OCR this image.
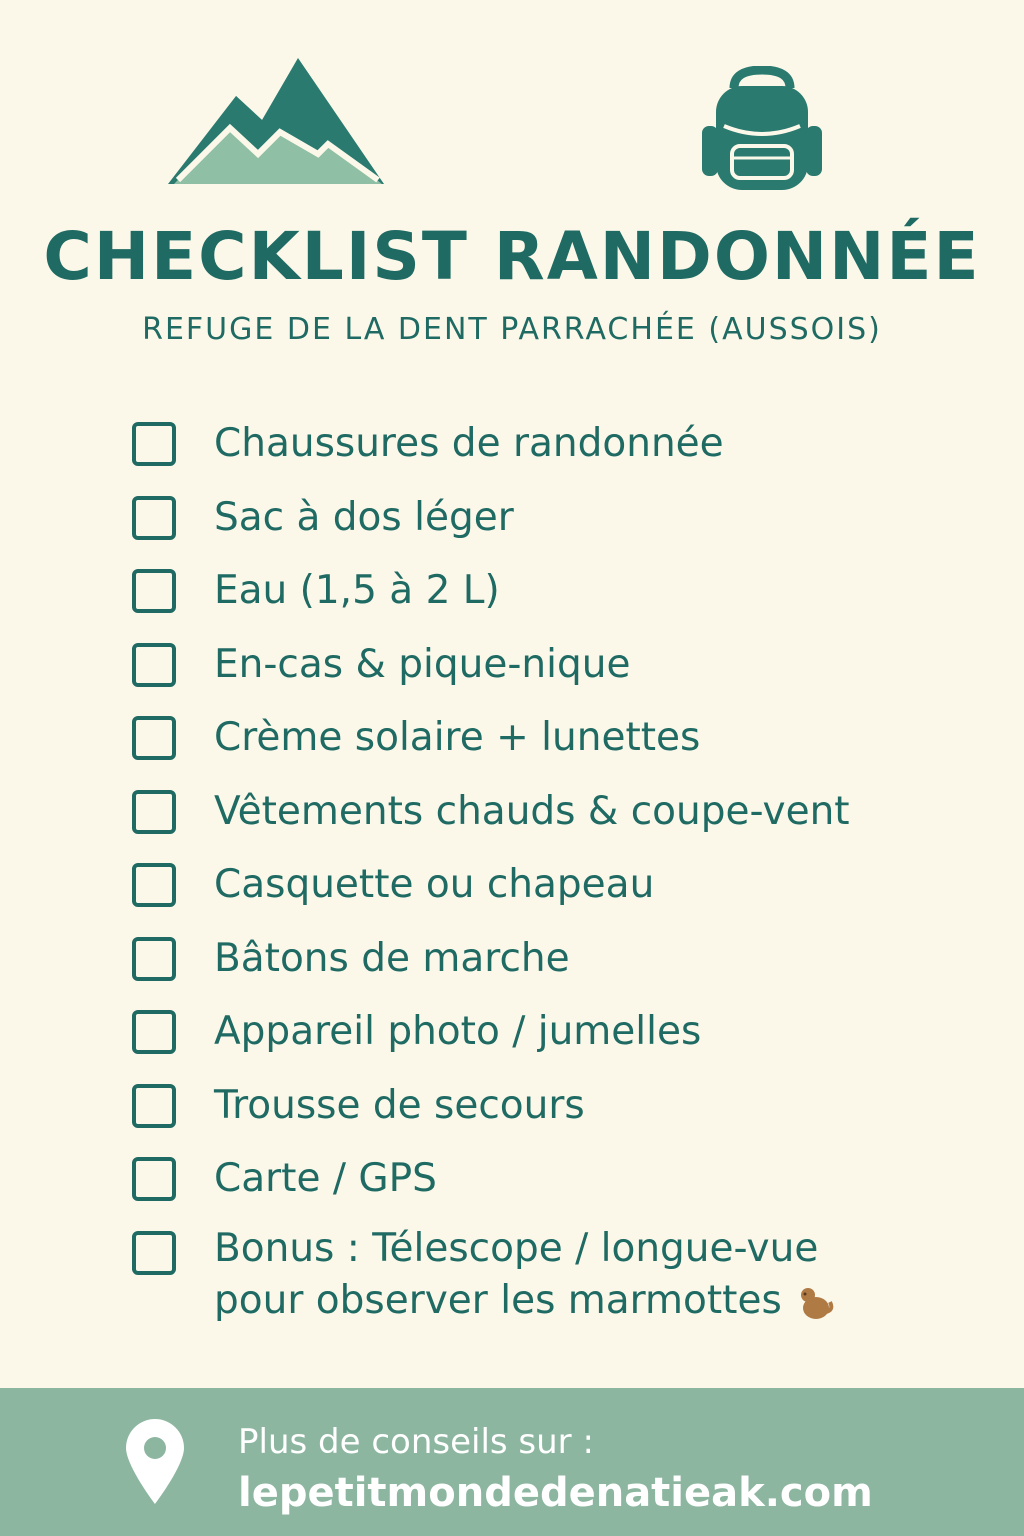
CHECKLIST RANDONNÉE
REFUGE DE LA DENT PARRACHÉE (AUSSOIS)
Chaussures de randonnée
Sac à dos léger
Eau (1,5 à 2 L)
En-cas & pique-nique
Crème solaire + lunettes
Vêtements chauds & coupe-vent
Casquette ou chapeau
Bâtons de marche
Appareil photo / jumelles
Trousse de secours
Carte / GPS
Bonus : Télescope / longue-vue pour observer les marmottes
Plus de conseils sur :
lepetitmondedenatieak.com
